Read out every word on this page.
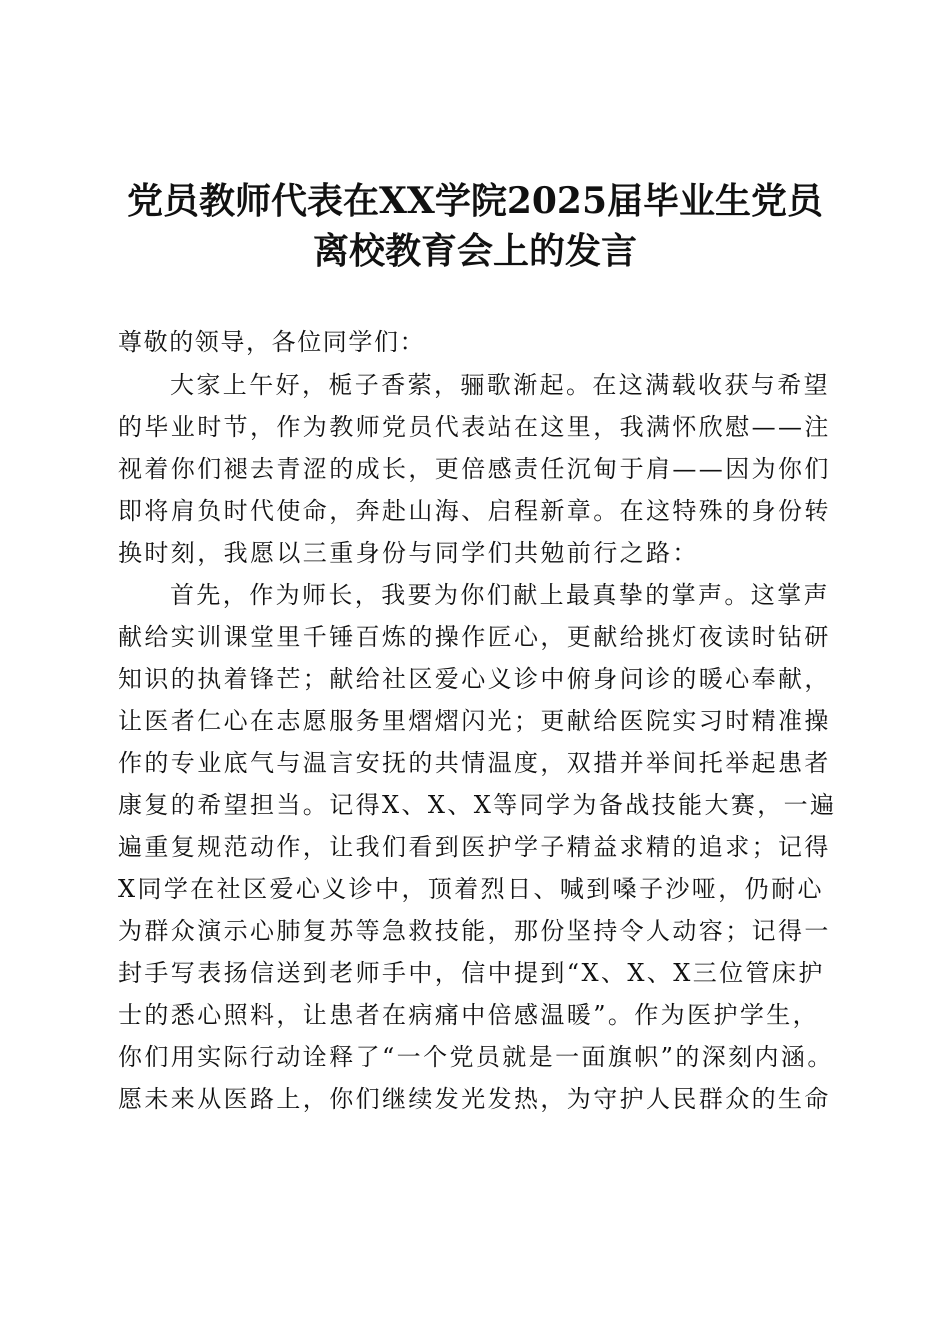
党员教师代表在XX学院2025届毕业生党员
离校教育会上的发言
尊敬的领导，各位同学们：
大家上午好，栀子香萦，骊歌渐起。在这满载收获与希望
的毕业时节，作为教师党员代表站在这里，我满怀欣慰——注
视着你们褪去青涩的成长，更倍感责任沉甸于肩——因为你们
即将肩负时代使命，奔赴山海、启程新章。在这特殊的身份转
换时刻，我愿以三重身份与同学们共勉前行之路：
首先，作为师长，我要为你们献上最真挚的掌声。这掌声
献给实训课堂里千锤百炼的操作匠心，更献给挑灯夜读时钻研
知识的执着锋芒；献给社区爱心义诊中俯身问诊的暖心奉献，
让医者仁心在志愿服务里熠熠闪光；更献给医院实习时精准操
作的专业底气与温言安抚的共情温度，双措并举间托举起患者
康复的希望担当。记得X、X、X等同学为备战技能大赛，一遍
遍重复规范动作，让我们看到医护学子精益求精的追求；记得
X同学在社区爱心义诊中，顶着烈日、喊到嗓子沙哑，仍耐心
为群众演示心肺复苏等急救技能，那份坚持令人动容；记得一
封手写表扬信送到老师手中，信中提到“X、X、X三位管床护
士的悉心照料，让患者在病痛中倍感温暖”。作为医护学生，
你们用实际行动诠释了“一个党员就是一面旗帜”的深刻内涵。
愿未来从医路上，你们继续发光发热，为守护人民群众的生命
